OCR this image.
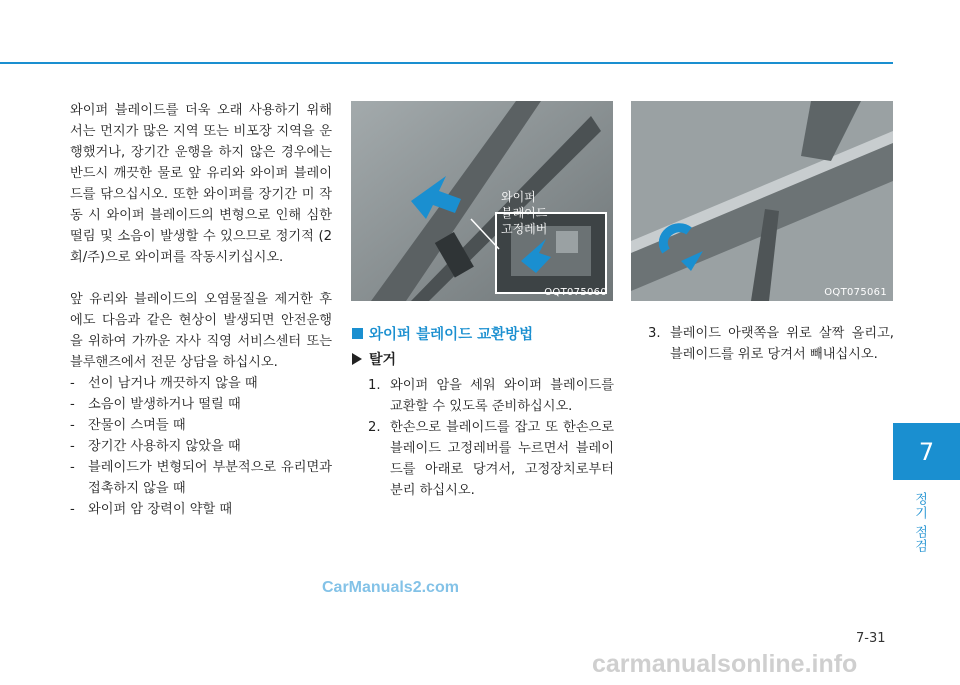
와이퍼 블레이드를 더욱 오래 사용하기 위해서는 먼지가 많은 지역 또는 비포장 지역을 운행했거나, 장기간 운행을 하지 않은 경우에는 반드시 깨끗한 물로 앞 유리와 와이퍼 블레이드를 닦으십시오. 또한 와이퍼를 장기간 미 작동 시 와이퍼 블레이드의 변형으로 인해 심한 떨림 및 소음이 발생할 수 있으므로 정기적 (2회/주)으로 와이퍼를 작동시키십시오.

앞 유리와 블레이드의 오염물질을 제거한 후에도 다음과 같은 현상이 발생되면 안전운행을 위하여 가까운 자사 직영 서비스센터 또는 블루핸즈에서 전문 상담을 하십시오.

- 선이 남거나 깨끗하지 않을 때
- 소음이 발생하거나 떨릴 때
- 잔물이 스며들 때
- 장기간 사용하지 않았을 때
- 블레이드가 변형되어 부분적으로 유리면과 접촉하지 않을 때
- 와이퍼 암 장력이 약할 때
와이퍼
블레이드
고정레버
OQT075060	OQT075061
와이퍼 블레이드 교환방법
탈거
1. 와이퍼 암을 세워 와이퍼 블레이드를 교환할 수 있도록 준비하십시오.
2. 한손으로 블레이드를 잡고 또 한손으로 블레이드 고정레버를 누르면서 블레이드를 아래로 당겨서, 고정장치로부터 분리 하십시오.
3. 블레이드 아랫쪽을 위로 살짝 올리고, 블레이드를 위로 당겨서 빼내십시오.
7
정기 점검
7-31
CarManuals2.com
carmanualsonline.info
